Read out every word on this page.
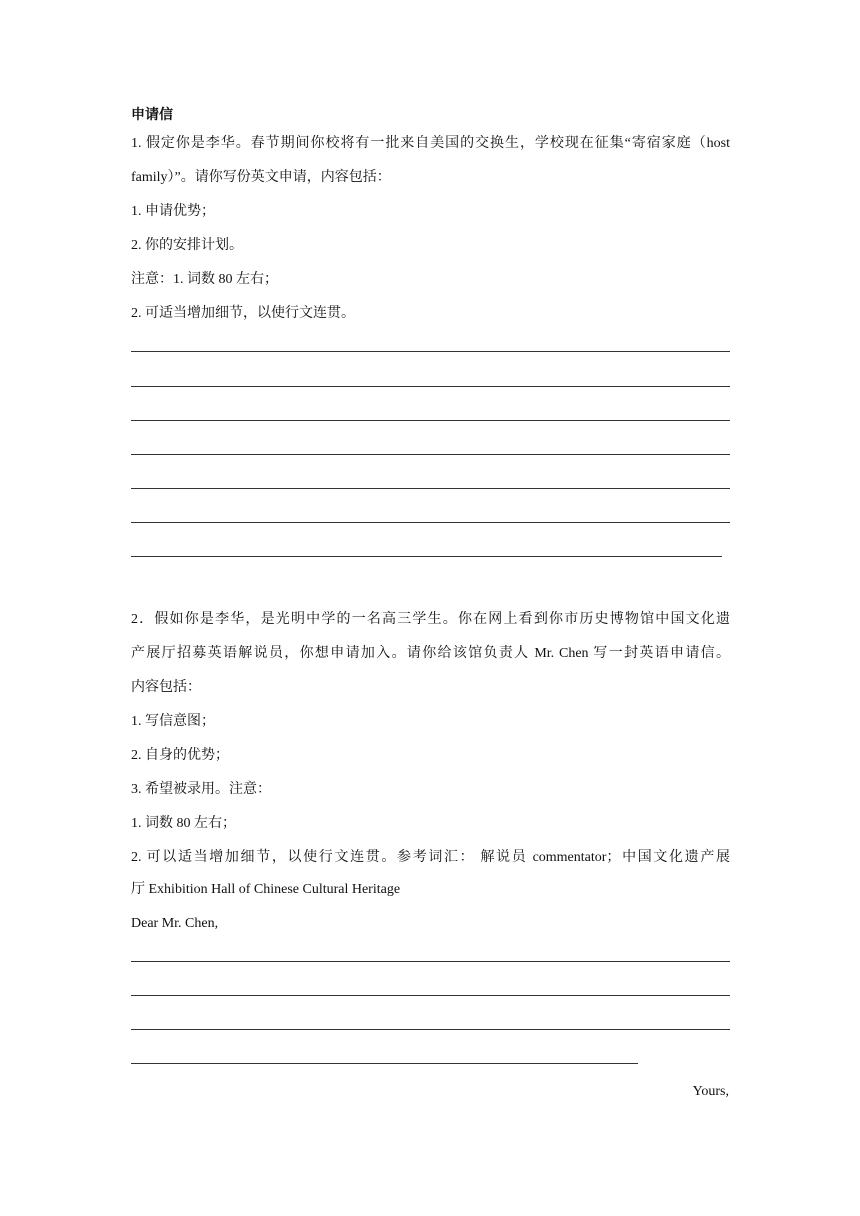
申请信
1. 假定你是李华。春节期间你校将有一批来自美国的交换生，学校现在征集“寄宿家庭（host
family）”。请你写份英文申请，内容包括：
1. 申请优势；
2. 你的安排计划。
注意：1. 词数 80 左右；
2. 可适当增加细节，以使行文连贯。
2．假如你是李华，是光明中学的一名高三学生。你在网上看到你市历史博物馆中国文化遗
产展厅招募英语解说员，你想申请加入。请你给该馆负责人 Mr. Chen 写一封英语申请信。
内容包括：
1. 写信意图；
2. 自身的优势；
3. 希望被录用。注意：
1. 词数 80 左右；
2. 可以适当增加细节，以使行文连贯。参考词汇： 解说员 commentator；中国文化遗产展
厅 Exhibition Hall of Chinese Cultural Heritage
Dear Mr. Chen,
Yours,
